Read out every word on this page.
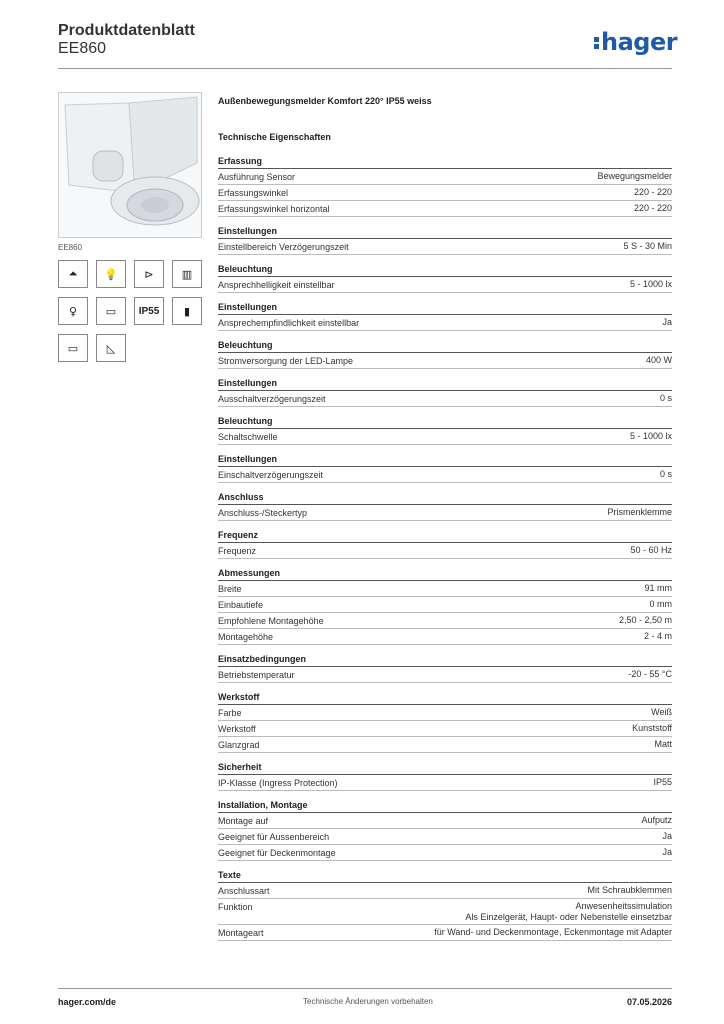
Produktdatenblatt
EE860	hager
EE860
⏶	💡	⊳	▥
♀	▭	IP55	▮
▭	◺
Außenbewegungsmelder Komfort 220° IP55 weiss
Technische Eigenschaften
Erfassung
Ausführung Sensor	Bewegungsmelder
Erfassungswinkel	220 - 220
Erfassungswinkel horizontal	220 - 220
Einstellungen
Einstellbereich Verzögerungszeit	5 S - 30 Min
Beleuchtung
Ansprechhelligkeit einstellbar	5 - 1000 lx
Einstellungen
Ansprechempfindlichkeit einstellbar	Ja
Beleuchtung
Stromversorgung der LED-Lampe	400 W
Einstellungen
Ausschaltverzögerungszeit	0 s
Beleuchtung
Schaltschwelle	5 - 1000 lx
Einstellungen
Einschaltverzögerungszeit	0 s
Anschluss
Anschluss-/Steckertyp	Prismenklemme
Frequenz
Frequenz	50 - 60 Hz
Abmessungen
Breite	91 mm
Einbautiefe	0 mm
Empfohlene Montagehöhe	2,50 - 2,50 m
Montagehöhe	2 - 4 m
Einsatzbedingungen
Betriebstemperatur	-20 - 55 °C
Werkstoff
Farbe	Weiß
Werkstoff	Kunststoff
Glanzgrad	Matt
Sicherheit
IP-Klasse (Ingress Protection)	IP55
Installation, Montage
Montage auf	Aufputz
Geeignet für Aussenbereich	Ja
Geeignet für Deckenmontage	Ja
Texte
Anschlussart	Mit Schraubklemmen
Funktion	Anwesenheitssimulation
Als Einzelgerät, Haupt- oder Nebenstelle einsetzbar
Montageart	für Wand- und Deckenmontage, Eckenmontage mit Adapter
hager.com/de	Technische Änderungen vorbehalten	07.05.2026
